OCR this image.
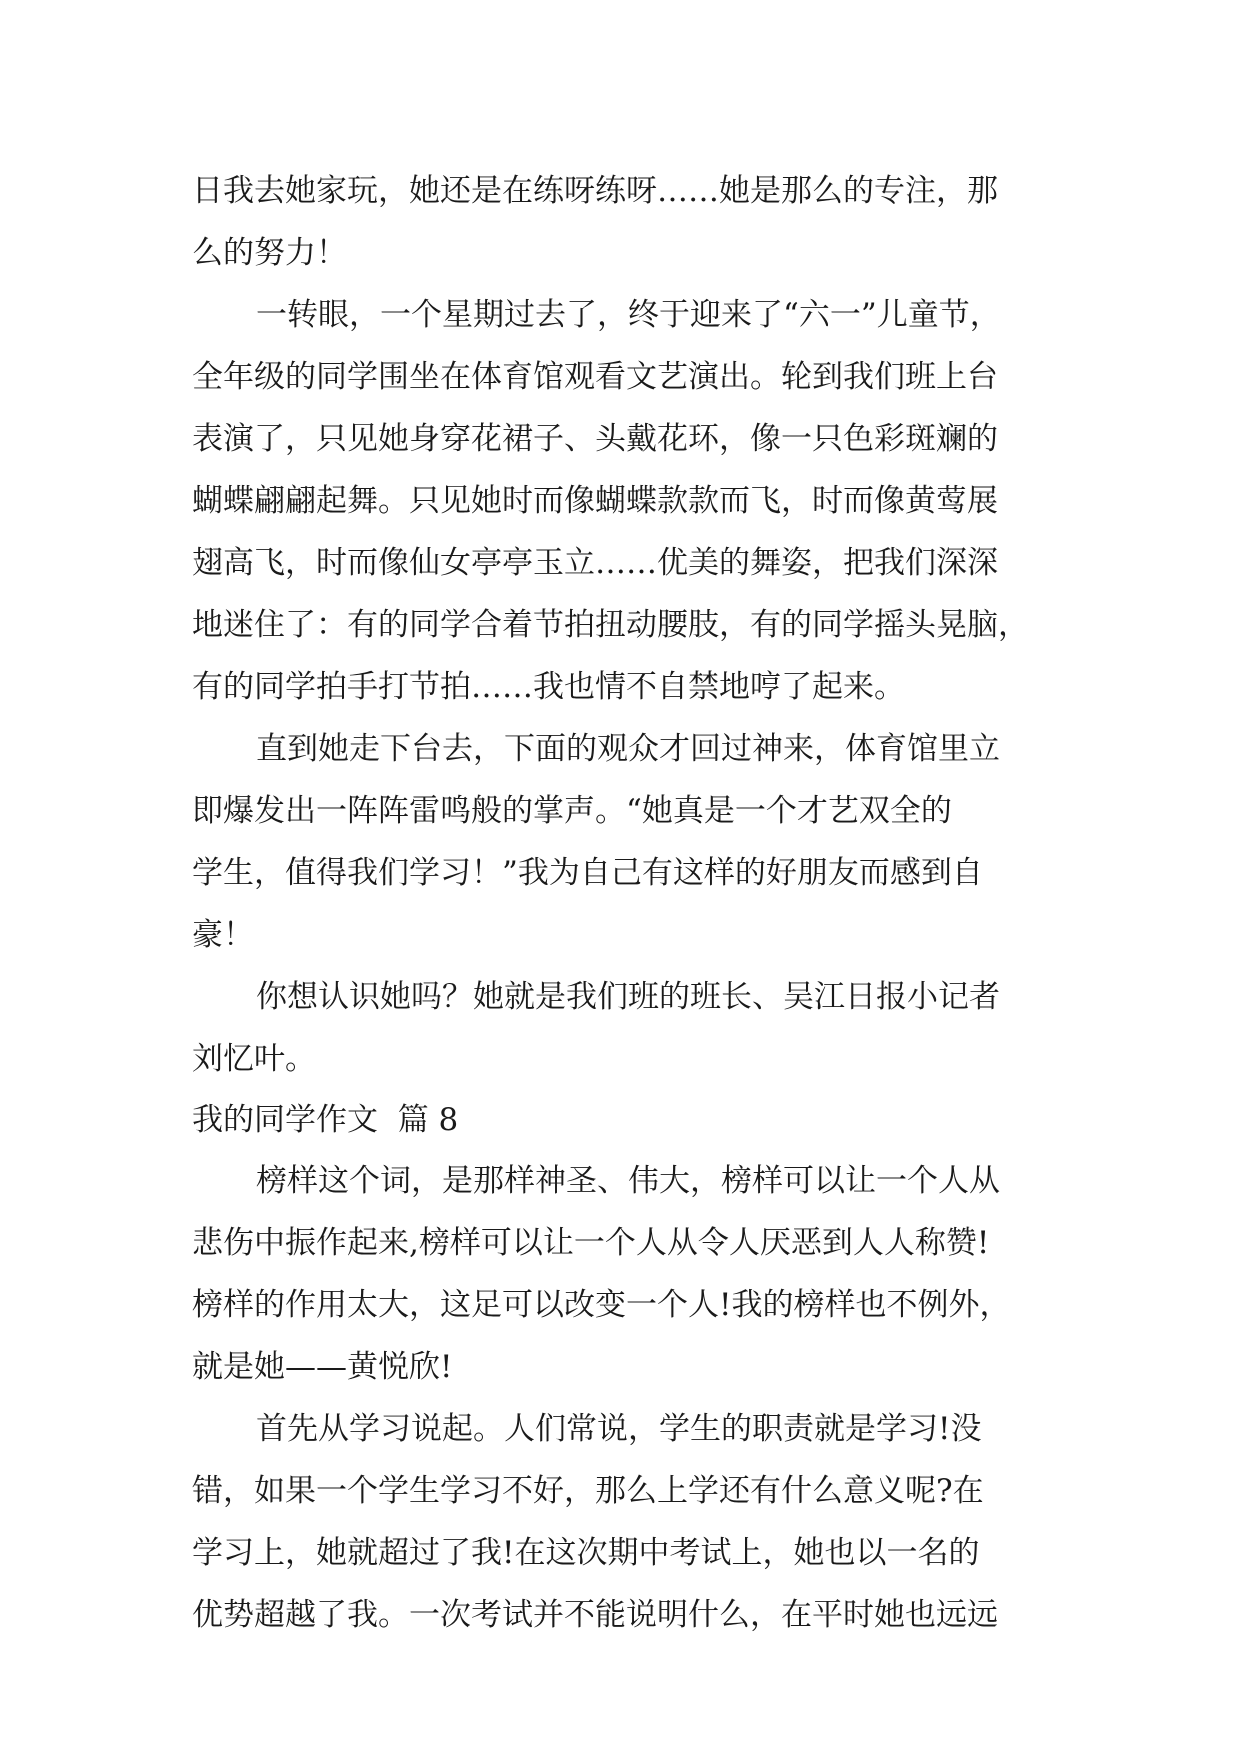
日我去她家玩，她还是在练呀练呀……她是那么的专注，那
么的努力！
一转眼，一个星期过去了，终于迎来了“六一”儿童节，
全年级的同学围坐在体育馆观看文艺演出。轮到我们班上台
表演了，只见她身穿花裙子、头戴花环，像一只色彩斑斓的
蝴蝶翩翩起舞。只见她时而像蝴蝶款款而飞，时而像黄莺展
翅高飞，时而像仙女亭亭玉立……优美的舞姿，把我们深深
地迷住了：有的同学合着节拍扭动腰肢，有的同学摇头晃脑，
有的同学拍手打节拍……我也情不自禁地哼了起来。
直到她走下台去，下面的观众才回过神来，体育馆里立
即爆发出一阵阵雷鸣般的掌声。“她真是一个才艺双全的
学生，值得我们学习！”我为自己有这样的好朋友而感到自
豪！
你想认识她吗？她就是我们班的班长、吴江日报小记者
刘忆叶。
我的同学作文  篇 8
榜样这个词，是那样神圣、伟大，榜样可以让一个人从
悲伤中振作起来,榜样可以让一个人从令人厌恶到人人称赞!
榜样的作用太大，这足可以改变一个人!我的榜样也不例外，
就是她——黄悦欣!
首先从学习说起。人们常说，学生的职责就是学习!没
错，如果一个学生学习不好，那么上学还有什么意义呢?在
学习上，她就超过了我!在这次期中考试上，她也以一名的
优势超越了我。一次考试并不能说明什么，在平时她也远远
